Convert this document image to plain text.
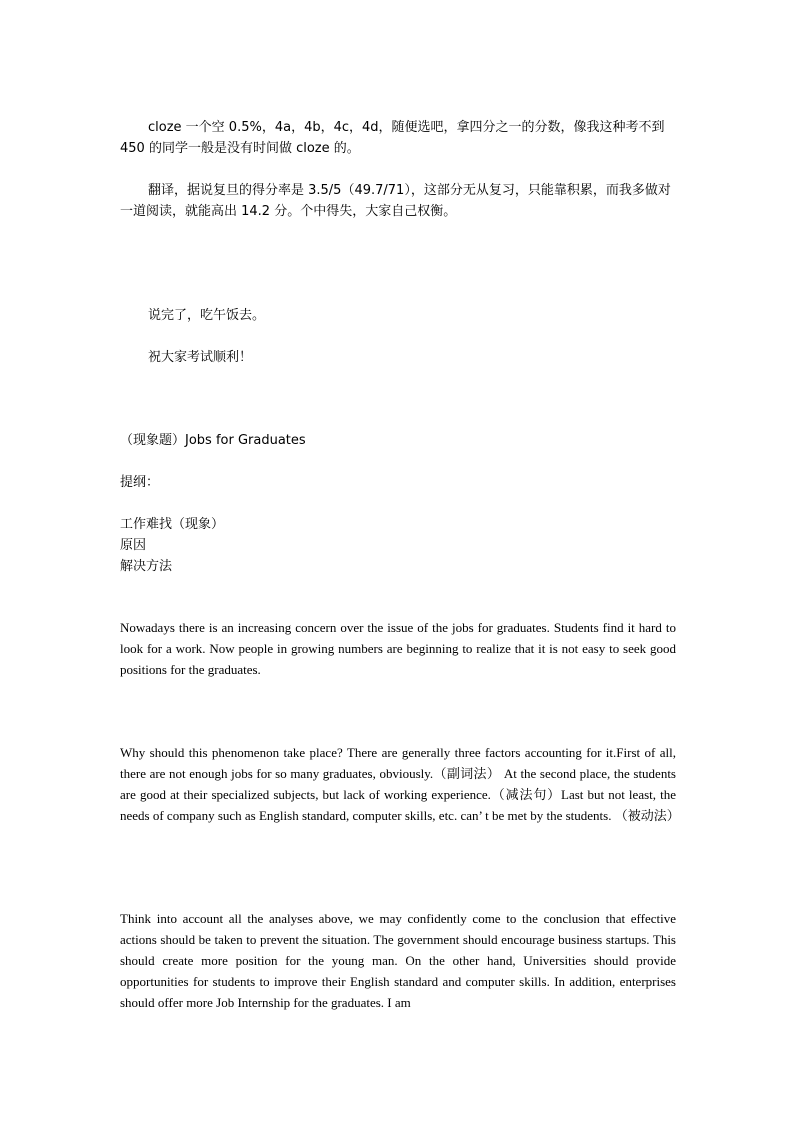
cloze 一个空 0.5%，4a，4b，4c，4d，随便选吧，拿四分之一的分数，像我这种考不到 450 的同学一般是没有时间做 cloze 的。

翻译，据说复旦的得分率是 3.5/5（49.7/71），这部分无从复习，只能靠积累，而我多做对一道阅读，就能高出 14.2 分。个中得失，大家自己权衡。

说完了，吃午饭去。

祝大家考试顺利！

（现象题）Jobs for Graduates

提纲：

工作难找（现象）
原因
解决方法

Nowadays there is an increasing concern over the issue of the jobs for graduates. Students find it hard to look for a work. Now people in growing numbers are beginning to realize that it is not easy to seek good positions for the graduates.

Why should this phenomenon take place? There are generally three factors accounting for it.First of all, there are not enough jobs for so many graduates, obviously.（副词法） At the second place, the students are good at their specialized subjects, but lack of working experience.（减法句）Last but not least, the needs of company such as English standard, computer skills, etc. can’ t be met by the students. （被动法）

Think into account all the analyses above, we may confidently come to the conclusion that effective actions should be taken to prevent the situation. The government should encourage business startups. This should create more position for the young man. On the other hand, Universities should provide opportunities for students to improve their English standard and computer skills. In addition, enterprises should offer more Job Internship for the graduates. I am
